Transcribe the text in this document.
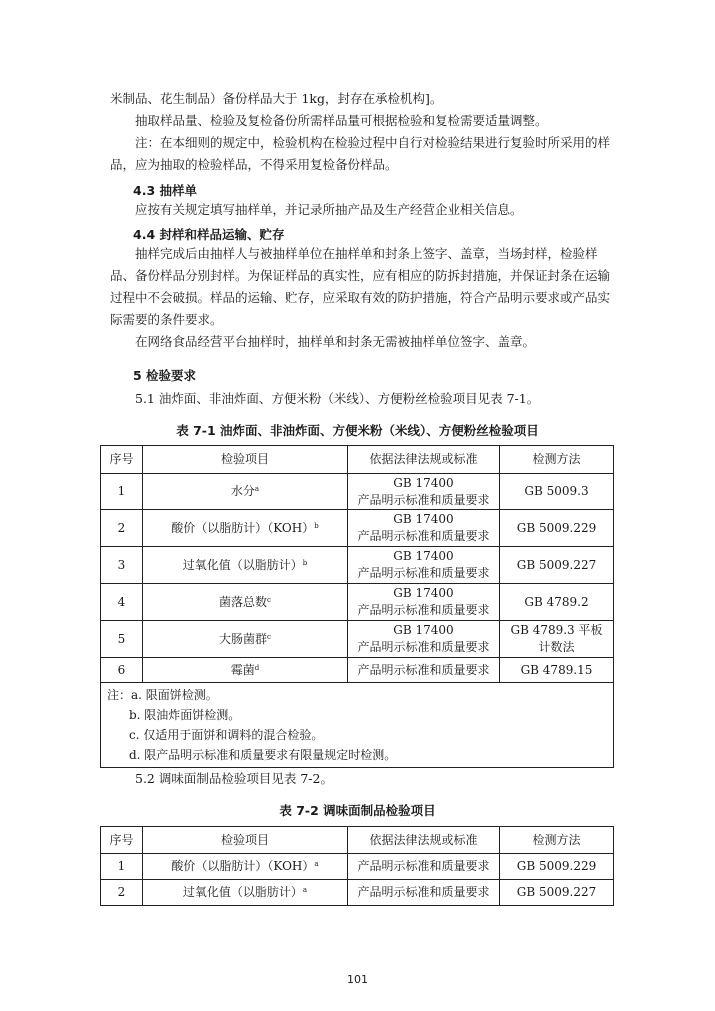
米制品、花生制品）备份样品大于 1kg，封存在承检机构]。

抽取样品量、检验及复检备份所需样品量可根据检验和复检需要适量调整。

注：在本细则的规定中，检验机构在检验过程中自行对检验结果进行复验时所采用的样品，应为抽取的检验样品，不得采用复检备份样品。

4.3 抽样单

应按有关规定填写抽样单，并记录所抽产品及生产经营企业相关信息。

4.4 封样和样品运输、贮存

抽样完成后由抽样人与被抽样单位在抽样单和封条上签字、盖章，当场封样，检验样品、备份样品分别封样。为保证样品的真实性，应有相应的防拆封措施，并保证封条在运输过程中不会破损。样品的运输、贮存，应采取有效的防护措施，符合产品明示要求或产品实际需要的条件要求。

在网络食品经营平台抽样时，抽样单和封条无需被抽样单位签字、盖章。

5 检验要求

5.1 油炸面、非油炸面、方便米粉（米线）、方便粉丝检验项目见表 7-1。

表 7-1 油炸面、非油炸面、方便米粉（米线）、方便粉丝检验项目

序号	检验项目	依据法律法规或标准	检测方法
1	水分$^a$	GB 17400
产品明示标准和质量要求	GB 5009.3
2	酸价（以脂肪计）（KOH）$^b$	GB 17400
产品明示标准和质量要求	GB 5009.229
3	过氧化值（以脂肪计）$^b$	GB 17400
产品明示标准和质量要求	GB 5009.227
4	菌落总数$^c$	GB 17400
产品明示标准和质量要求	GB 4789.2
5	大肠菌群$^c$	GB 17400
产品明示标准和质量要求	GB 4789.3 平板
计数法
6	霉菌$^d$	产品明示标准和质量要求	GB 4789.15

注：a. 限面饼检测。
b. 限油炸面饼检测。
c. 仅适用于面饼和调料的混合检验。
d. 限产品明示标准和质量要求有限量规定时检测。			

5.2 调味面制品检验项目见表 7-2。

表 7-2 调味面制品检验项目

序号	检验项目	依据法律法规或标准	检测方法
1	酸价（以脂肪计）（KOH）$^a$	产品明示标准和质量要求	GB 5009.229
2	过氧化值（以脂肪计）$^a$	产品明示标准和质量要求	GB 5009.227
101
